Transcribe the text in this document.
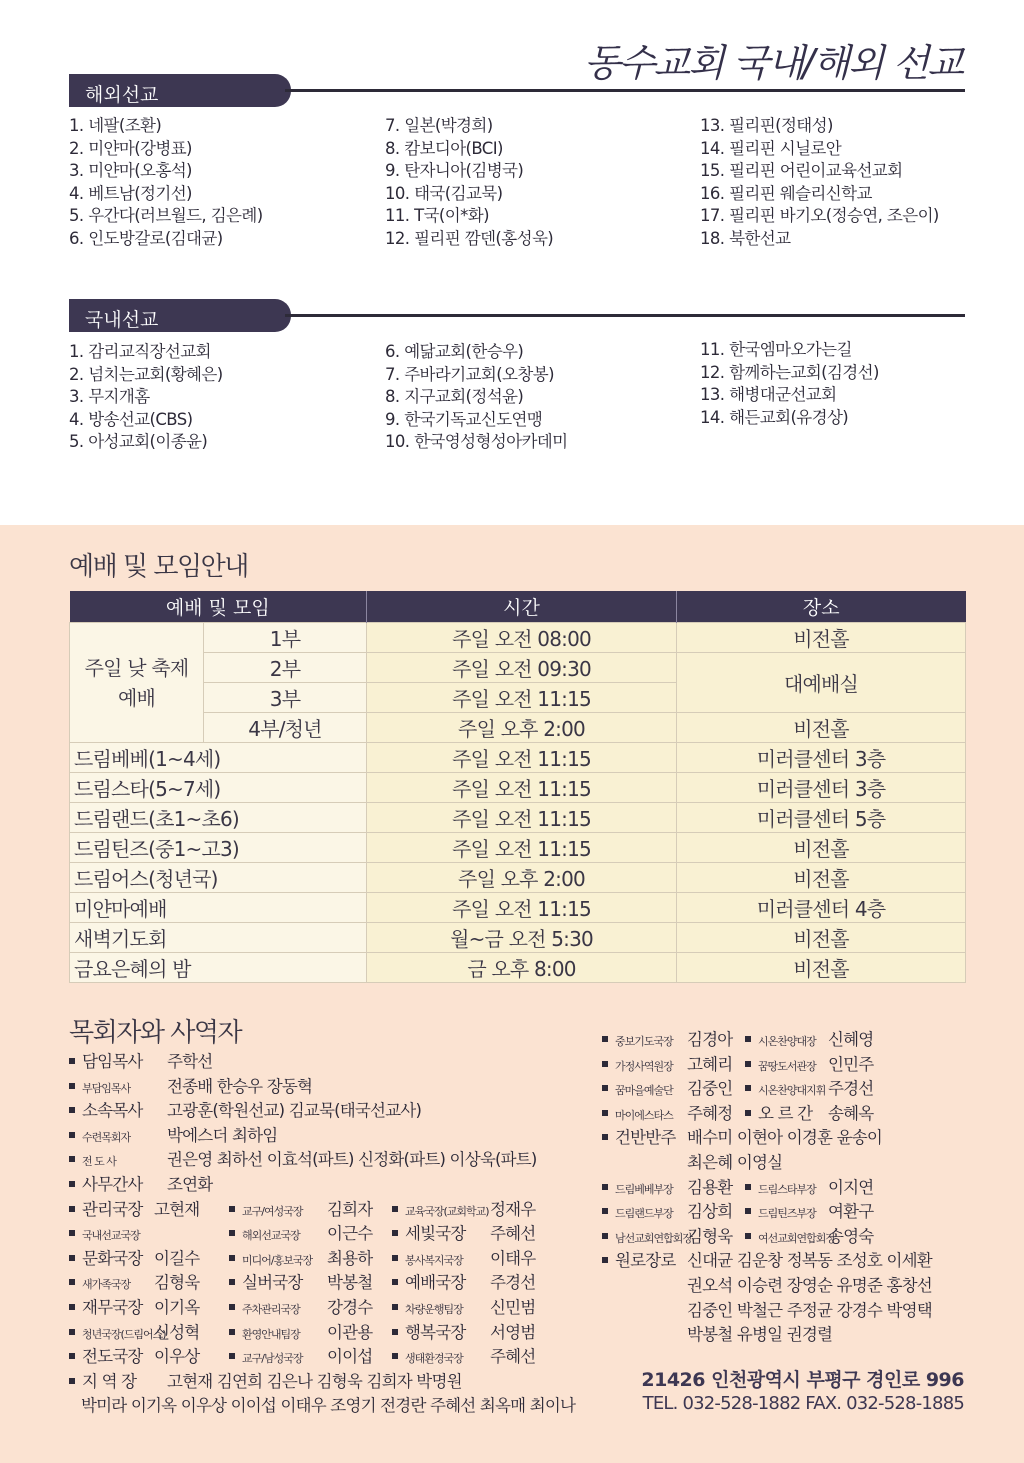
동수교회 국내/해외 선교
해외선교
1. 네팔(조환)
2. 미얀마(강병표)
3. 미얀마(오홍석)
4. 베트남(정기선)
5. 우간다(러브월드, 김은례)
6. 인도방갈로(김대균)
7. 일본(박경희)
8. 캄보디아(BCI)
9. 탄자니아(김병국)
10. 태국(김교묵)
11. T국(이*화)
12. 필리핀 깜덴(홍성욱)
13. 필리핀(정태성)
14. 필리핀 시닐로안
15. 필리핀 어린이교육선교회
16. 필리핀 웨슬리신학교
17. 필리핀 바기오(정승연, 조은이)
18. 북한선교
국내선교
1. 감리교직장선교회
2. 넘치는교회(황혜은)
3. 무지개홈
4. 방송선교(CBS)
5. 아성교회(이종윤)
6. 예닮교회(한승우)
7. 주바라기교회(오창봉)
8. 지구교회(정석윤)
9. 한국기독교신도연맹
10. 한국영성형성아카데미
11. 한국엠마오가는길
12. 함께하는교회(김경선)
13. 해병대군선교회
14. 해든교회(유경상)
예배 및 모임안내
예배 및 모임		시간	장소

주일 낮 축제
예배	1부	주일 오전 08:00	비전홀
	2부	주일 오전 09:30	대예배실
	3부	주일 오전 11:15	
	4부/청년	주일 오후 2:00	비전홀
드림베베(1~4세)		주일 오전 11:15	미러클센터 3층
드림스타(5~7세)		주일 오전 11:15	미러클센터 3층
드림랜드(초1~초6)		주일 오전 11:15	미러클센터 5층
드림틴즈(중1~고3)		주일 오전 11:15	비전홀
드림어스(청년국)		주일 오후 2:00	비전홀
미얀마예배		주일 오전 11:15	미러클센터 4층
새벽기도회		월~금 오전 5:30	비전홀
금요은혜의 밤		금 오후 8:00	비전홀
목회자와 사역자
담임목사 주학선
부담임목사 전종배 한승우 장동혁
소속목사 고광훈(학원선교) 김교묵(태국선교사)
수련목회자 박에스더 최하임
전 도 사	권은영 최하선 이효석(파트) 신정화(파트) 이상욱(파트)
사무간사 조연화
관리국장 고현재	교구/여성국장 김희자	교육국장(교회학교)정재우
국내선교국장	해외선교국장 이근수 세빛국장 주혜선
문화국장 이길수	미디어/홍보국장 최용하	봉사복지국장 이태우
새가족국장 김형욱	실버국장 박봉철 예배국장 주경선
재무국장 이기옥	주차관리국장 강경수	차량운행팀장 신민범
청년국장(드림어스)신성혁	환영안내팀장 이관용 행복국장 서영범
전도국장 이우상	교구/남성국장 이이섭	생태환경국장 주혜선
지 역 장 고현재 김연희 김은나 김형욱 김희자 박명원
박미라 이기옥 이우상 이이섭 이태우 조영기 전경란 주혜선 최옥매 최이나
중보기도국장 김경아 시온찬양대장 신혜영
가정사역원장 고혜리 꿈땅도서관장 인민주
꿈마을예술단 김중인 시온찬양대지휘 주경선
마이에스타스 주혜정 오 르 간 송혜옥
건반반주 배수미 이현아 이경훈 윤송이
최은혜 이영실
드림베베부장 김용환 드림스타부장 이지연
드림랜드부장 김상희 드림틴즈부장 여환구
남선교회연합회장김형욱 여선교회연합회장송영숙
원로장로 신대균 김운창 정복동 조성호 이세환
권오석 이승련 장영순 유명준 홍창선
김중인 박철근 주정균 강경수 박영택
박봉철 유병일 권경렬
21426 인천광역시 부평구 경인로 996
TEL. 032-528-1882 FAX. 032-528-1885
